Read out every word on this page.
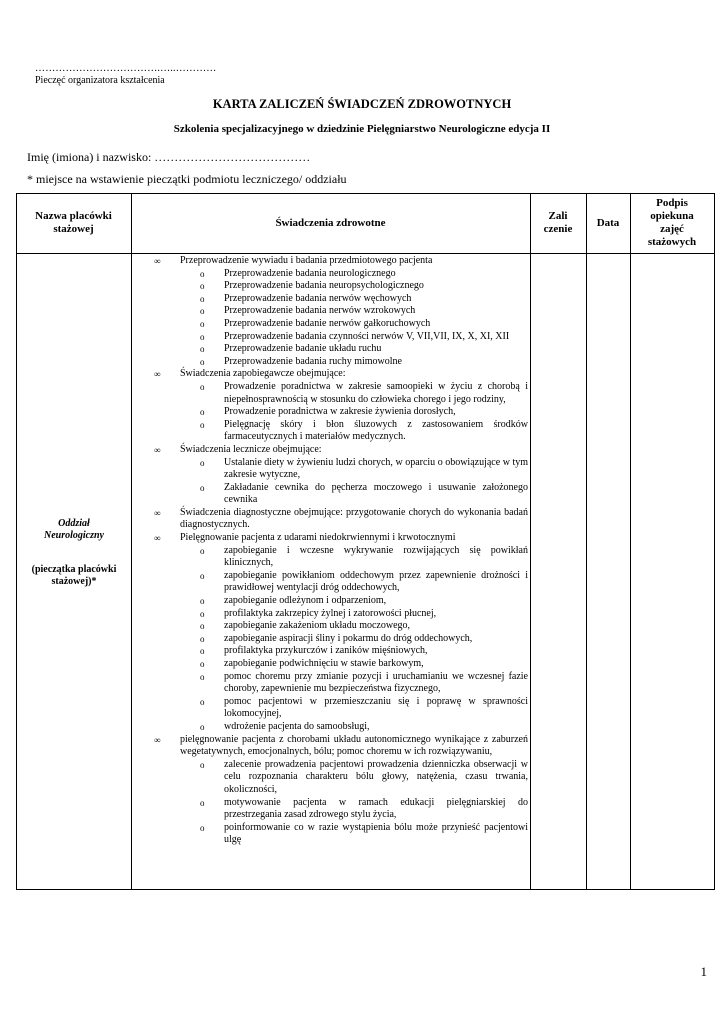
……………………………….…..…………
Pieczęć organizatora kształcenia
KARTA ZALICZEŃ ŚWIADCZEŃ ZDROWOTNYCH
Szkolenia specjalizacyjnego w dziedzinie Pielęgniarstwo Neurologiczne edycja II
Imię (imiona) i nazwisko: …………………………………
* miejsce na wstawienie pieczątki podmiotu leczniczego/ oddziału
Nazwa placówki
stażowej	Świadczenia zdrowotne
Zali
czenie	Data
Podpis
opiekuna
zajęć
stażowych
Oddział
Neurologiczny
(pieczątka placówki
stażowej)*
∞ Przeprowadzenie wywiadu i badania przedmiotowego pacjenta
o Przeprowadzenie badania neurologicznego
o Przeprowadzenie badania neuropsychologicznego
o Przeprowadzenie badania nerwów węchowych
o Przeprowadzenie badania nerwów wzrokowych
o Przeprowadzenie badanie nerwów gałkoruchowych
o Przeprowadzenie badania czynności nerwów V, VII,VII, IX, X, XI, XII
o Przeprowadzenie badanie układu ruchu
o Przeprowadzenie badania ruchy mimowolne
∞ Świadczenia zapobiegawcze obejmujące:
o Prowadzenie poradnictwa w zakresie samoopieki w życiu z chorobą i niepełnosprawnością w stosunku do człowieka chorego i jego rodziny,
o Prowadzenie poradnictwa w zakresie żywienia dorosłych,
o Pielęgnację skóry i błon śluzowych z zastosowaniem środków farmaceutycznych i materiałów medycznych.
∞ Świadczenia lecznicze obejmujące:
o Ustalanie diety w żywieniu ludzi chorych, w oparciu o obowiązujące w tym zakresie wytyczne,
o Zakładanie cewnika do pęcherza moczowego i usuwanie założonego cewnika
∞ Świadczenia diagnostyczne obejmujące: przygotowanie chorych do wykonania badań diagnostycznych.
∞ Pielęgnowanie pacjenta z udarami niedokrwiennymi i krwotocznymi
o zapobieganie i wczesne wykrywanie rozwijających się powikłań klinicznych,
o zapobieganie powikłaniom oddechowym przez zapewnienie drożności i prawidłowej wentylacji dróg oddechowych,
o zapobieganie odleżynom i odparzeniom,
o profilaktyka zakrzepicy żylnej i zatorowości płucnej,
o zapobieganie zakażeniom układu moczowego,
o zapobieganie aspiracji śliny i pokarmu do dróg oddechowych,
o profilaktyka przykurczów i zaników mięśniowych,
o zapobieganie podwichnięciu w stawie barkowym,
o pomoc choremu przy zmianie pozycji i uruchamianiu we wczesnej fazie choroby, zapewnienie mu bezpieczeństwa fizycznego,
o pomoc pacjentowi w przemieszczaniu się i poprawę w sprawności lokomocyjnej,
o wdrożenie pacjenta do samoobsługi,
∞ pielęgnowanie pacjenta z chorobami układu autonomicznego wynikające z zaburzeń wegetatywnych, emocjonalnych, bólu; pomoc choremu w ich rozwiązywaniu,
o zalecenie prowadzenia pacjentowi prowadzenia dzienniczka obserwacji w celu rozpoznania charakteru bólu głowy, natężenia, czasu trwania, okoliczności,
o motywowanie pacjenta w ramach edukacji pielęgniarskiej do przestrzegania zasad zdrowego stylu życia,
o poinformowanie co w razie wystąpienia bólu może przynieść pacjentowi ulgę
1
